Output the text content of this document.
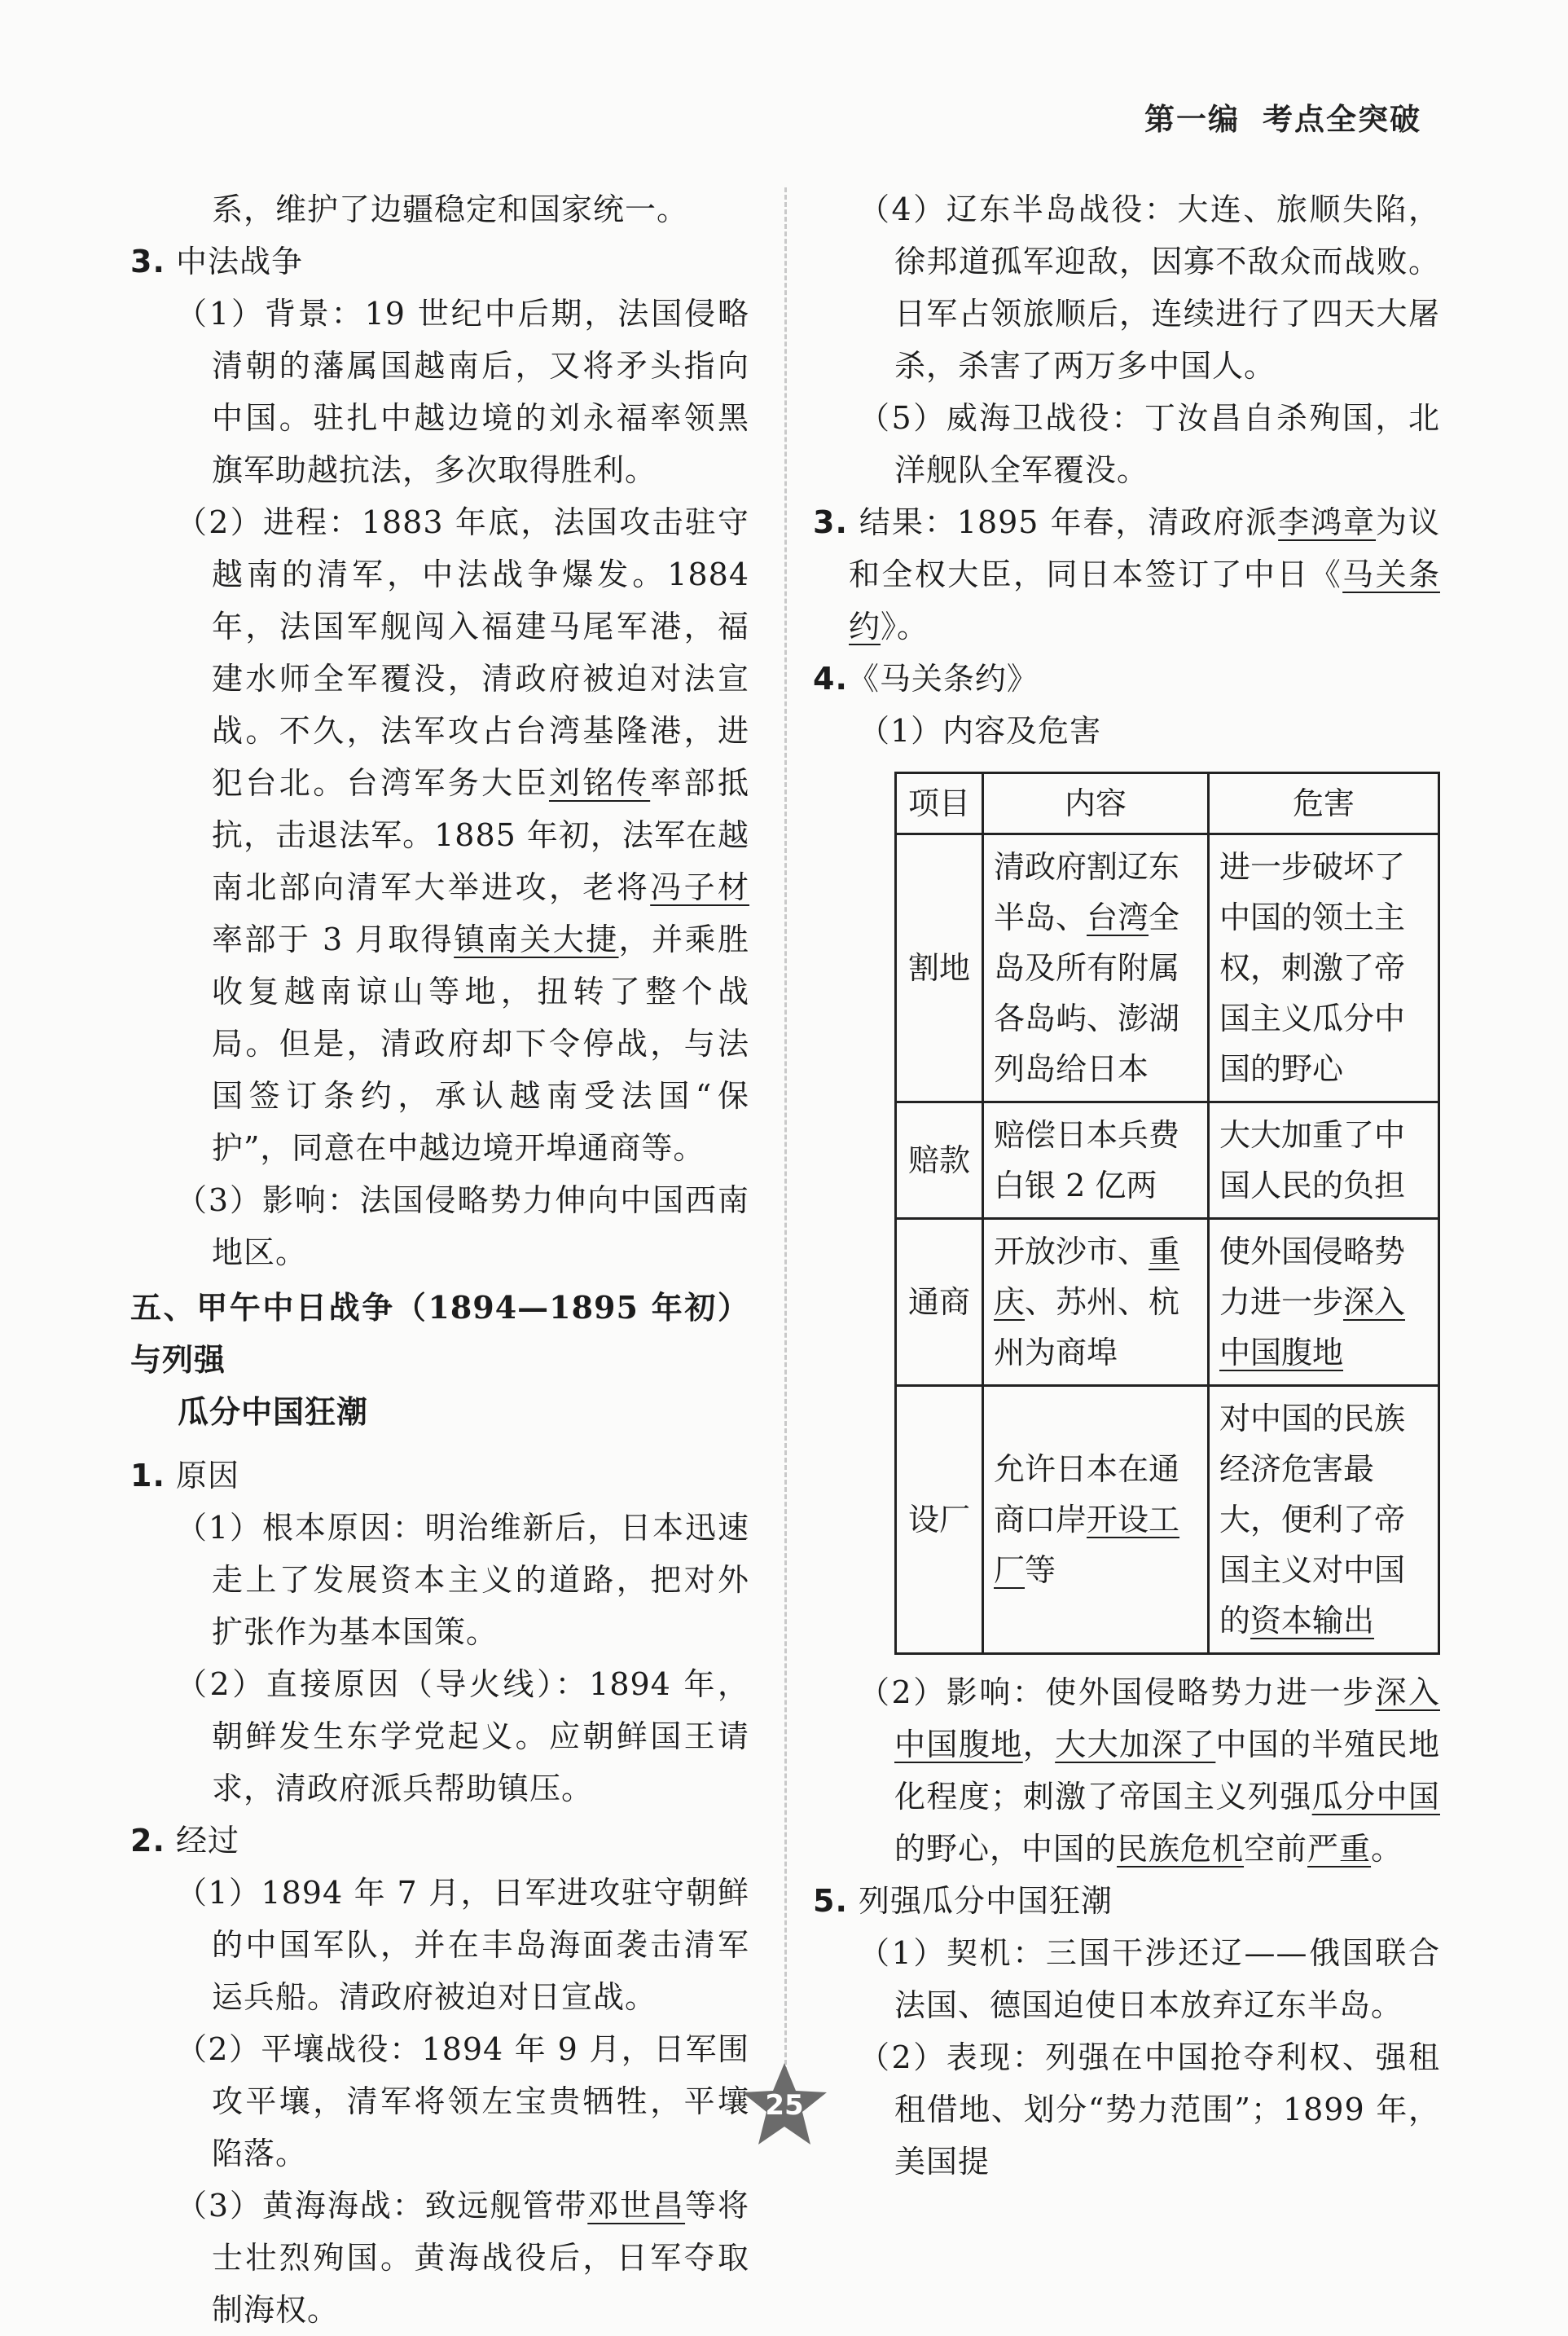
第一编 考点全突破

系，维护了边疆稳定和国家统一。

3. 中法战争

（1）背景：19 世纪中后期，法国侵略清朝的藩属国越南后，又将矛头指向中国。驻扎中越边境的刘永福率领黑旗军助越抗法，多次取得胜利。

（2）进程：1883 年底，法国攻击驻守越南的清军，中法战争爆发。1884 年，法国军舰闯入福建马尾军港，福建水师全军覆没，清政府被迫对法宣战。不久，法军攻占台湾基隆港，进犯台北。台湾军务大臣刘铭传率部抵抗，击退法军。1885 年初，法军在越南北部向清军大举进攻，老将冯子材率部于 3 月取得镇南关大捷，并乘胜收复越南谅山等地，扭转了整个战局。但是，清政府却下令停战，与法国签订条约，承认越南受法国“保护”，同意在中越边境开埠通商等。

（3）影响：法国侵略势力伸向中国西南地区。

五、甲午中日战争（1894—1895 年初）与列强

瓜分中国狂潮

1. 原因

（1）根本原因：明治维新后，日本迅速走上了发展资本主义的道路，把对外扩张作为基本国策。

（2）直接原因（导火线）：1894 年，朝鲜发生东学党起义。应朝鲜国王请求，清政府派兵帮助镇压。

2. 经过

（1）1894 年 7 月，日军进攻驻守朝鲜的中国军队，并在丰岛海面袭击清军运兵船。清政府被迫对日宣战。

（2）平壤战役：1894 年 9 月，日军围攻平壤，清军将领左宝贵牺牲，平壤陷落。

（3）黄海海战：致远舰管带邓世昌等将士壮烈殉国。黄海战役后，日军夺取制海权。

（4）辽东半岛战役：大连、旅顺失陷，徐邦道孤军迎敌，因寡不敌众而战败。日军占领旅顺后，连续进行了四天大屠杀，杀害了两万多中国人。

（5）威海卫战役：丁汝昌自杀殉国，北洋舰队全军覆没。

3. 结果：1895 年春，清政府派李鸿章为议和全权大臣，同日本签订了中日《马关条约》。

4.《马关条约》

（1）内容及危害

项目	内容	危害
割地	清政府割辽东半岛、台湾全岛及所有附属各岛屿、澎湖列岛给日本	进一步破坏了中国的领土主权，刺激了帝国主义瓜分中国的野心
赔款	赔偿日本兵费白银 2 亿两	大大加重了中国人民的负担
通商	开放沙市、重庆、苏州、杭州为商埠	使外国侵略势力进一步深入中国腹地
设厂	允许日本在通商口岸开设工厂等	对中国的民族经济危害最大，便利了帝国主义对中国的资本输出

（2）影响：使外国侵略势力进一步深入中国腹地，大大加深了中国的半殖民地化程度；刺激了帝国主义列强瓜分中国的野心，中国的民族危机空前严重。

5. 列强瓜分中国狂潮

（1）契机：三国干涉还辽——俄国联合法国、德国迫使日本放弃辽东半岛。

（2）表现：列强在中国抢夺利权、强租租借地、划分“势力范围”；1899 年，美国提

25
